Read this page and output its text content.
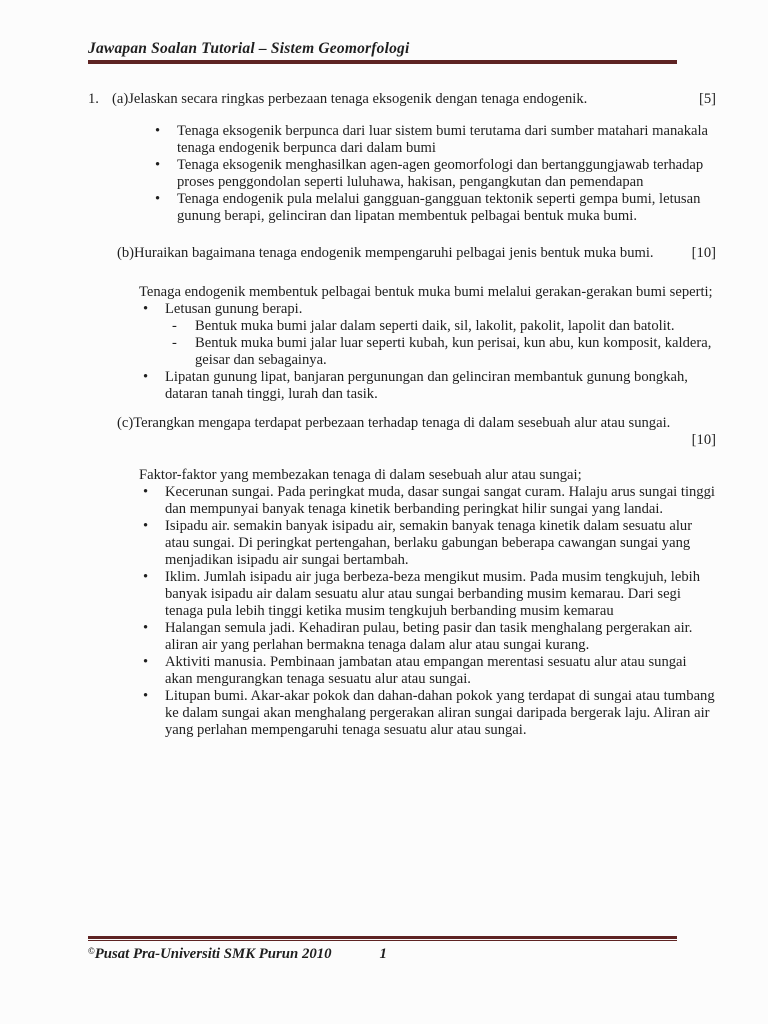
Jawapan Soalan Tutorial – Sistem Geomorfologi
1. (a) Jelaskan secara ringkas perbezaan tenaga eksogenik dengan tenaga endogenik.	[5]
•
Tenaga eksogenik berpunca dari luar sistem bumi terutama dari sumber matahari manakala tenaga endogenik berpunca dari dalam bumi
•
Tenaga eksogenik menghasilkan agen-agen geomorfologi dan bertanggungjawab terhadap proses penggondolan seperti luluhawa, hakisan, pengangkutan dan pemendapan
•
Tenaga endogenik pula melalui gangguan-gangguan tektonik seperti gempa bumi, letusan gunung berapi, gelinciran dan lipatan membentuk pelbagai bentuk muka bumi.
(b) Huraikan bagaimana tenaga endogenik mempengaruhi pelbagai jenis bentuk muka bumi.	[10]
Tenaga endogenik membentuk pelbagai bentuk muka bumi melalui gerakan-gerakan bumi seperti;
•
Letusan gunung berapi.
-
Bentuk muka bumi jalar dalam seperti daik, sil, lakolit, pakolit, lapolit dan batolit.
-
Bentuk muka bumi jalar luar seperti kubah, kun perisai, kun abu, kun komposit, kaldera, geisar dan sebagainya.
•
Lipatan gunung lipat, banjaran pergunungan dan gelinciran membantuk gunung bongkah, dataran tanah tinggi, lurah dan tasik.
(c) Terangkan mengapa terdapat perbezaan terhadap tenaga di dalam sesebuah alur atau sungai.
[10]
Faktor-faktor yang membezakan tenaga di dalam sesebuah alur atau sungai;
•
Kecerunan sungai. Pada peringkat muda, dasar sungai sangat curam. Halaju arus sungai tinggi dan mempunyai banyak tenaga kinetik berbanding peringkat hilir sungai yang landai.
•
Isipadu air. semakin banyak isipadu air, semakin banyak tenaga kinetik dalam sesuatu alur atau sungai. Di peringkat pertengahan, berlaku gabungan beberapa cawangan sungai yang menjadikan isipadu air sungai bertambah.
•
Iklim. Jumlah isipadu air juga berbeza-beza mengikut musim. Pada musim tengkujuh, lebih banyak isipadu air dalam sesuatu alur atau sungai berbanding musim kemarau. Dari segi tenaga pula lebih tinggi ketika musim tengkujuh berbanding musim kemarau
•
Halangan semula jadi. Kehadiran pulau, beting pasir dan tasik menghalang pergerakan air. aliran air yang perlahan bermakna tenaga dalam alur atau sungai kurang.
•
Aktiviti manusia. Pembinaan jambatan atau empangan merentasi sesuatu alur atau sungai akan mengurangkan tenaga sesuatu alur atau sungai.
•
Litupan bumi. Akar-akar pokok dan dahan-dahan pokok yang terdapat di sungai atau tumbang ke dalam sungai akan menghalang pergerakan aliran sungai daripada bergerak laju. Aliran air yang perlahan mempengaruhi tenaga sesuatu alur atau sungai.
© Pusat Pra-Universiti SMK Purun 2010	1
